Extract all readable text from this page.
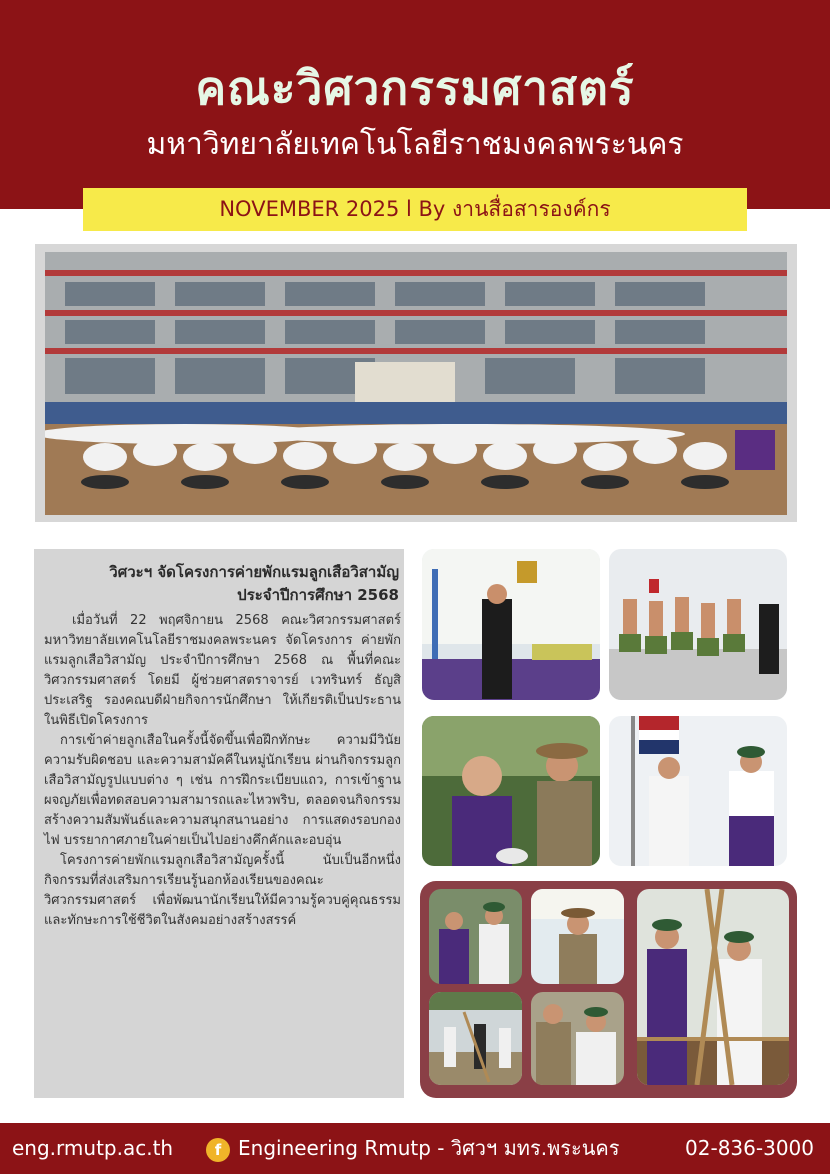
คณะวิศวกรรมศาสตร์
มหาวิทยาลัยเทคโนโลยีราชมงคลพระนคร
NOVEMBER 2025 l By งานสื่อสารองค์กร
วิศวะฯ จัดโครงการค่ายพักแรมลูกเสือวิสามัญ
ประจำปีการศึกษา 2568

เมื่อวันที่ 22 พฤศจิกายน 2568 คณะวิศวกรรมศาสตร์ มหาวิทยาลัยเทคโนโลยีราชมงคลพระนคร จัดโครงการ ค่ายพักแรมลูกเสือวิสามัญ ประจำปีการศึกษา 2568 ณ พื้นที่คณะวิศวกรรมศาสตร์ โดยมี ผู้ช่วยศาสตราจารย์ เวทรินทร์ ธัญสิประเสริฐ รองคณบดีฝ่ายกิจการนักศึกษา ให้เกียรติเป็นประธานในพิธีเปิดโครงการ

การเข้าค่ายลูกเสือในครั้งนี้จัดขึ้นเพื่อฝึกทักษะ ความมีวินัย ความรับผิดชอบ และความสามัคคีในหมู่นักเรียน ผ่านกิจกรรมลูกเสือวิสามัญรูปแบบต่าง ๆ เช่น การฝึกระเบียบแถว, การเข้าฐานผจญภัยเพื่อทดสอบความสามารถและไหวพริบ, ตลอดจนกิจกรรมสร้างความสัมพันธ์และความสนุกสนานอย่าง การแสดงรอบกองไฟ บรรยากาศภายในค่ายเป็นไปอย่างคึกคักและอบอุ่น

โครงการค่ายพักแรมลูกเสือวิสามัญครั้งนี้ นับเป็นอีกหนึ่งกิจกรรมที่ส่งเสริมการเรียนรู้นอกห้องเรียนของคณะวิศวกรรมศาสตร์ เพื่อพัฒนานักเรียนให้มีความรู้ควบคู่คุณธรรมและทักษะการใช้ชีวิตในสังคมอย่างสร้างสรรค์

eng.rmutp.ac.th	f Engineering Rmutp - วิศวฯ มทร.พระนคร	02-836-3000
